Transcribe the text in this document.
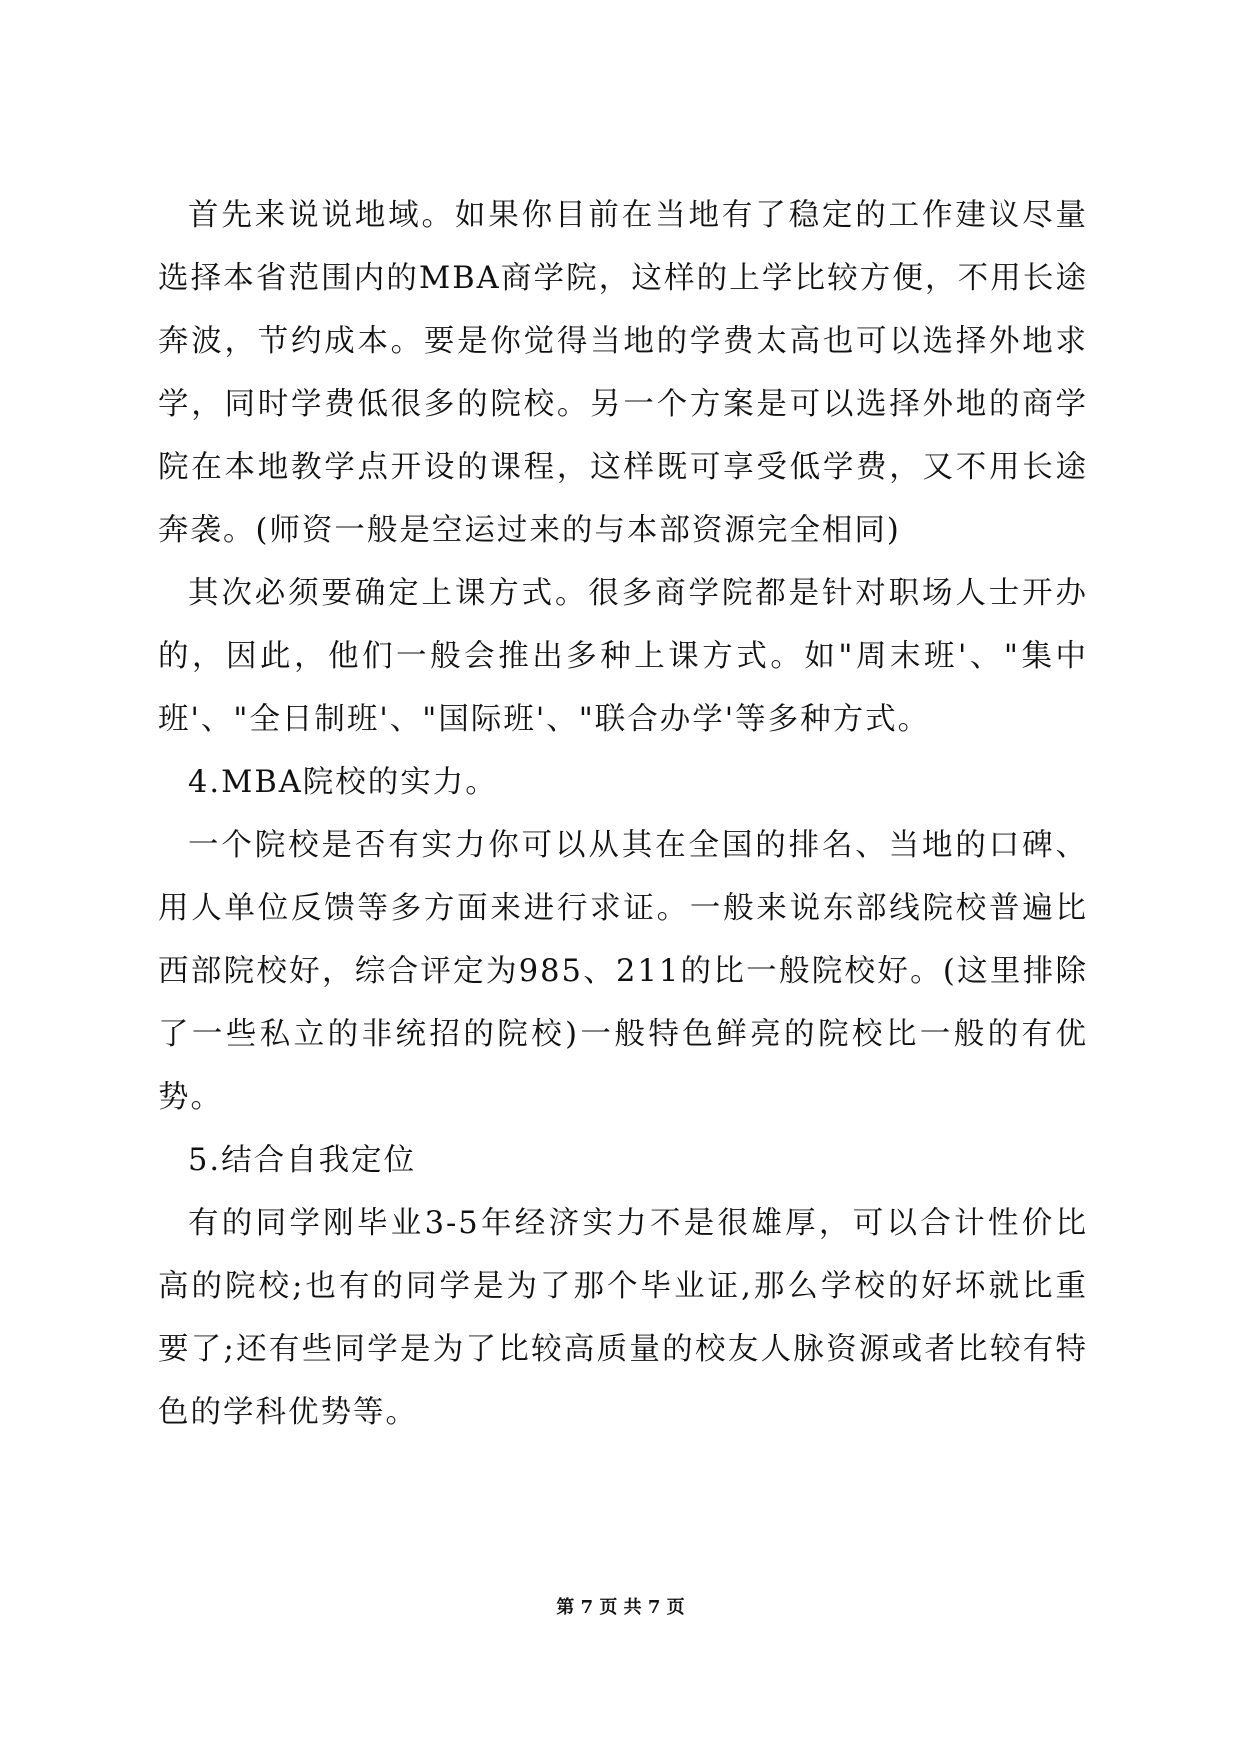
首先来说说地域。如果你目前在当地有了稳定的工作建议尽量选择本省范围内的MBA商学院，这样的上学比较方便，不用长途奔波，节约成本。要是你觉得当地的学费太高也可以选择外地求学，同时学费低很多的院校。另一个方案是可以选择外地的商学院在本地教学点开设的课程，这样既可享受低学费，又不用长途奔袭。(师资一般是空运过来的与本部资源完全相同)

其次必须要确定上课方式。很多商学院都是针对职场人士开办的，因此，他们一般会推出多种上课方式。如"周末班'、"集中班'、"全日制班'、"国际班'、"联合办学'等多种方式。

4.MBA院校的实力。

一个院校是否有实力你可以从其在全国的排名、当地的口碑、用人单位反馈等多方面来进行求证。一般来说东部线院校普遍比西部院校好，综合评定为985、211的比一般院校好。(这里排除了一些私立的非统招的院校)一般特色鲜亮的院校比一般的有优势。

5.结合自我定位

有的同学刚毕业3-5年经济实力不是很雄厚，可以合计性价比高的院校;也有的同学是为了那个毕业证,那么学校的好坏就比重要了;还有些同学是为了比较高质量的校友人脉资源或者比较有特色的学科优势等。

第 7 页 共 7 页
